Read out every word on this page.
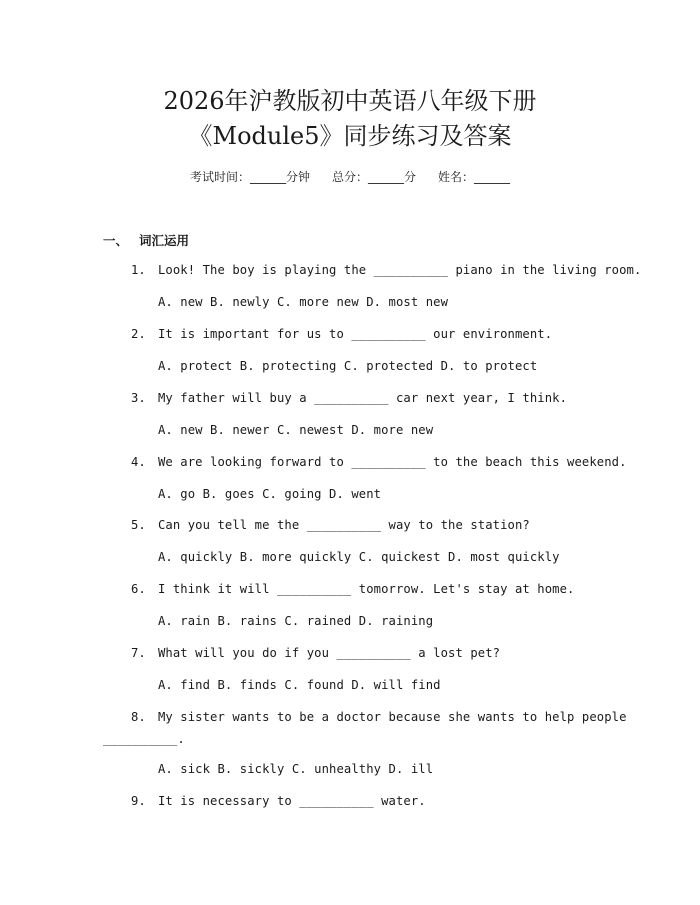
2026年沪教版初中英语八年级下册
《Module5》同步练习及答案
考试时间：______分钟 总分：______分 姓名：______
一、 词汇运用
1. Look! The boy is playing the __________ piano in the living room.
A. new B. newly C. more new D. most new
2. It is important for us to __________ our environment.
A. protect B. protecting C. protected D. to protect
3. My father will buy a __________ car next year, I think.
A. new B. newer C. newest D. more new
4. We are looking forward to __________ to the beach this weekend.
A. go B. goes C. going D. went
5. Can you tell me the __________ way to the station?
A. quickly B. more quickly C. quickest D. most quickly
6. I think it will __________ tomorrow. Let's stay at home.
A. rain B. rains C. rained D. raining
7. What will you do if you __________ a lost pet?
A. find B. finds C. found D. will find
8. My sister wants to be a doctor because she wants to help people
__________.
A. sick B. sickly C. unhealthy D. ill
9. It is necessary to __________ water.
